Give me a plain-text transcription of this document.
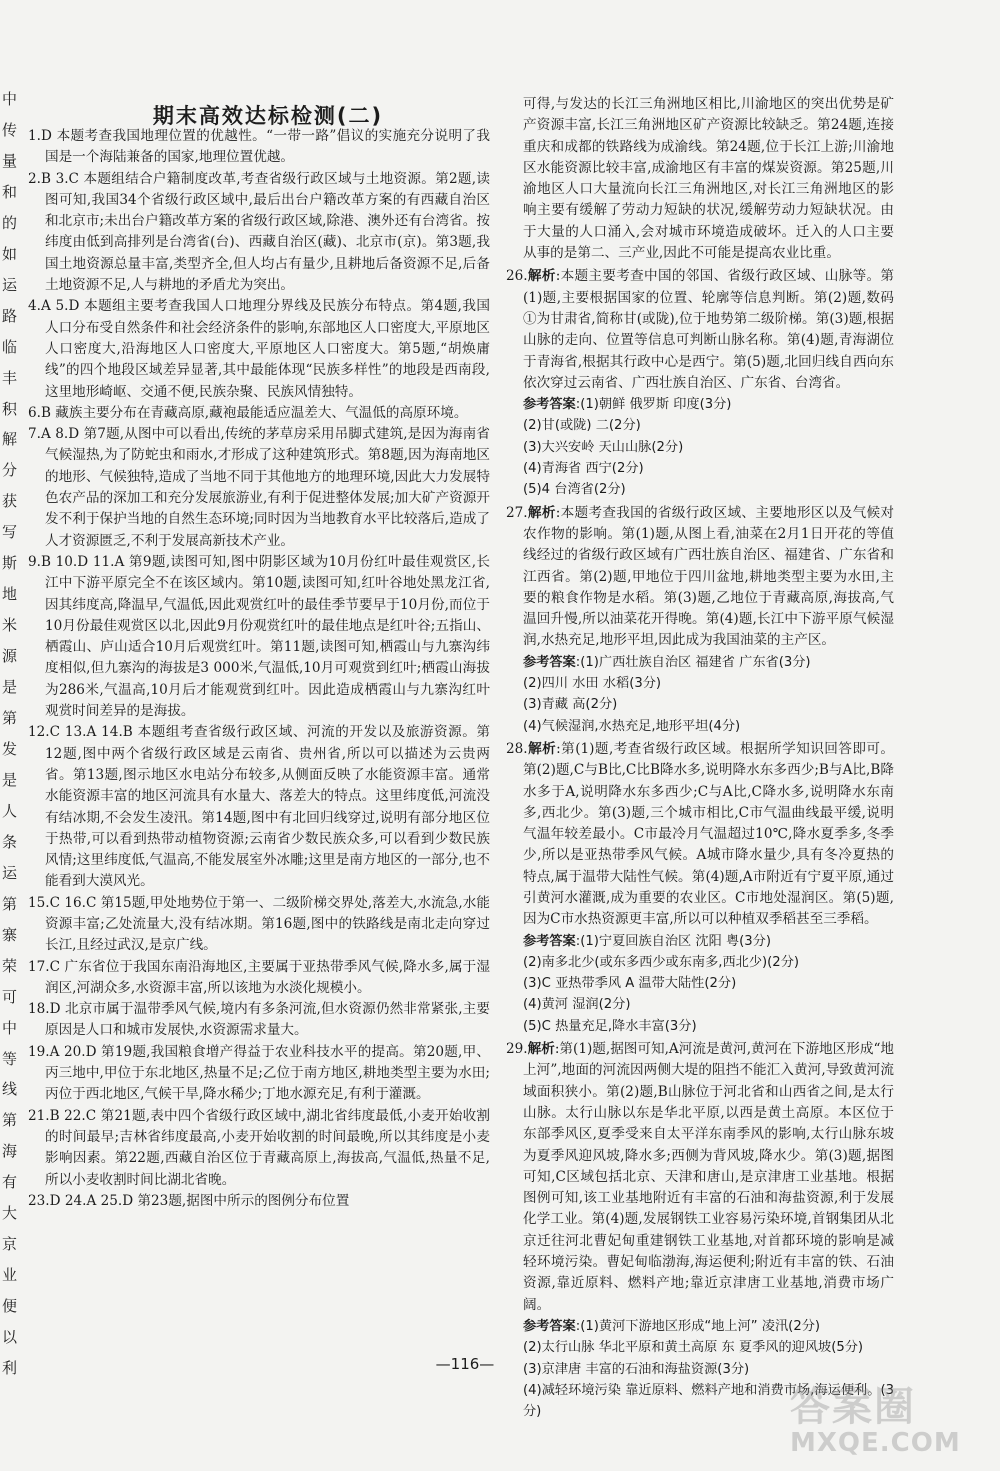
中
传
量
和
的
如
运
路
临
丰
积
解
分
获
写
斯
地
米
源
是
第
发
是
人
条
运
第
寨
荣
可
中
等
线
第
海
有
大
京
业
便
以
利
期末高效达标检测(二)

1.D 本题考查我国地理位置的优越性。“一带一路”倡议的实施充分说明了我国是一个海陆兼备的国家,地理位置优越。

2.B 3.C 本题组结合户籍制度改革,考查省级行政区域与土地资源。第2题,读图可知,我国34个省级行政区域中,最后出台户籍改革方案的有西藏自治区和北京市;未出台户籍改革方案的省级行政区域,除港、澳外还有台湾省。按纬度由低到高排列是台湾省(台)、西藏自治区(藏)、北京市(京)。第3题,我国土地资源总量丰富,类型齐全,但人均占有量少,且耕地后备资源不足,后备土地资源不足,人与耕地的矛盾尤为突出。

4.A 5.D 本题组主要考查我国人口地理分界线及民族分布特点。第4题,我国人口分布受自然条件和社会经济条件的影响,东部地区人口密度大,平原地区人口密度大,沿海地区人口密度大,平原地区人口密度大。第5题,“胡焕庸线”的四个地段区域差异显著,其中最能体现“民族多样性”的地段是西南段,这里地形崎岖、交通不便,民族杂聚、民族风情独特。

6.B 藏族主要分布在青藏高原,藏袍最能适应温差大、气温低的高原环境。

7.A 8.D 第7题,从图中可以看出,传统的茅草房采用吊脚式建筑,是因为海南省气候湿热,为了防蛇虫和雨水,才形成了这种建筑形式。第8题,因为海南地区的地形、气候独特,造成了当地不同于其他地方的地理环境,因此大力发展特色农产品的深加工和充分发展旅游业,有利于促进整体发展;加大矿产资源开发不利于保护当地的自然生态环境;同时因为当地教育水平比较落后,造成了人才资源匮乏,不利于发展高新技术产业。

9.B 10.D 11.A 第9题,读图可知,图中阴影区域为10月份红叶最佳观赏区,长江中下游平原完全不在该区域内。第10题,读图可知,红叶谷地处黑龙江省,因其纬度高,降温早,气温低,因此观赏红叶的最佳季节要早于10月份,而位于10月份最佳观赏区以北,因此9月份观赏红叶的最佳地点是红叶谷;五指山、栖霞山、庐山适合10月后观赏红叶。第11题,读图可知,栖霞山与九寨沟纬度相似,但九寨沟的海拔是3 000米,气温低,10月可观赏到红叶;栖霞山海拔为286米,气温高,10月后才能观赏到红叶。因此造成栖霞山与九寨沟红叶观赏时间差异的是海拔。

12.C 13.A 14.B 本题组考查省级行政区域、河流的开发以及旅游资源。第12题,图中两个省级行政区域是云南省、贵州省,所以可以描述为云贵两省。第13题,图示地区水电站分布较多,从侧面反映了水能资源丰富。通常水能资源丰富的地区河流具有水量大、落差大的特点。这里纬度低,河流没有结冰期,不会发生凌汛。第14题,图中有北回归线穿过,说明有部分地区位于热带,可以看到热带动植物资源;云南省少数民族众多,可以看到少数民族风情;这里纬度低,气温高,不能发展室外冰雕;这里是南方地区的一部分,也不能看到大漠风光。

15.C 16.C 第15题,甲处地势位于第一、二级阶梯交界处,落差大,水流急,水能资源丰富;乙处流量大,没有结冰期。第16题,图中的铁路线是南北走向穿过长江,且经过武汉,是京广线。

17.C 广东省位于我国东南沿海地区,主要属于亚热带季风气候,降水多,属于湿润区,河湖众多,水资源丰富,所以该地为水淡化规模小。

18.D 北京市属于温带季风气候,境内有多条河流,但水资源仍然非常紧张,主要原因是人口和城市发展快,水资源需求量大。

19.A 20.D 第19题,我国粮食增产得益于农业科技水平的提高。第20题,甲、丙三地中,甲位于东北地区,热量不足;乙位于南方地区,耕地类型主要为水田;丙位于西北地区,气候干旱,降水稀少;丁地水源充足,有利于灌溉。

21.B 22.C 第21题,表中四个省级行政区域中,湖北省纬度最低,小麦开始收割的时间最早;吉林省纬度最高,小麦开始收割的时间最晚,所以其纬度是小麦影响因素。第22题,西藏自治区位于青藏高原上,海拔高,气温低,热量不足,所以小麦收割时间比湖北省晚。

23.D 24.A 25.D 第23题,据图中所示的图例分布位置

可得,与发达的长江三角洲地区相比,川渝地区的突出优势是矿产资源丰富,长江三角洲地区矿产资源比较缺乏。第24题,连接重庆和成都的铁路线为成渝线。第24题,位于长江上游;川渝地区水能资源比较丰富,成渝地区有丰富的煤炭资源。第25题,川渝地区人口大量流向长江三角洲地区,对长江三角洲地区的影响主要有缓解了劳动力短缺的状况,缓解劳动力短缺状况。由于大量的人口涌入,会对城市环境造成破坏。迁入的人口主要从事的是第二、三产业,因此不可能是提高农业比重。

26.解析:本题主要考查中国的邻国、省级行政区域、山脉等。第(1)题,主要根据国家的位置、轮廓等信息判断。第(2)题,数码①为甘肃省,简称甘(或陇),位于地势第二级阶梯。第(3)题,根据山脉的走向、位置等信息可判断山脉名称。第(4)题,青海湖位于青海省,根据其行政中心是西宁。第(5)题,北回归线自西向东依次穿过云南省、广西壮族自治区、广东省、台湾省。

参考答案:(1)朝鲜 俄罗斯 印度(3分)

(2)甘(或陇) 二(2分)

(3)大兴安岭 天山山脉(2分)

(4)青海省 西宁(2分)

(5)4 台湾省(2分)

27.解析:本题考查我国的省级行政区域、主要地形区以及气候对农作物的影响。第(1)题,从图上看,油菜在2月1日开花的等值线经过的省级行政区域有广西壮族自治区、福建省、广东省和江西省。第(2)题,甲地位于四川盆地,耕地类型主要为水田,主要的粮食作物是水稻。第(3)题,乙地位于青藏高原,海拔高,气温回升慢,所以油菜花开得晚。第(4)题,长江中下游平原气候湿润,水热充足,地形平坦,因此成为我国油菜的主产区。

参考答案:(1)广西壮族自治区 福建省 广东省(3分)

(2)四川 水田 水稻(3分)

(3)青藏 高(2分)

(4)气候湿润,水热充足,地形平坦(4分)

28.解析:第(1)题,考查省级行政区域。根据所学知识回答即可。第(2)题,C与B比,C比B降水多,说明降水东多西少;B与A比,B降水多于A,说明降水东多西少;C与A比,C降水多,说明降水东南多,西北少。第(3)题,三个城市相比,C市气温曲线最平缓,说明气温年较差最小。C市最冷月气温超过10℃,降水夏季多,冬季少,所以是亚热带季风气候。A城市降水量少,具有冬冷夏热的特点,属于温带大陆性气候。第(4)题,A市附近有宁夏平原,通过引黄河水灌溉,成为重要的农业区。C市地处湿润区。第(5)题,因为C市水热资源更丰富,所以可以种植双季稻甚至三季稻。

参考答案:(1)宁夏回族自治区 沈阳 粤(3分)

(2)南多北少(或东多西少或东南多,西北少)(2分)

(3)C 亚热带季风 A 温带大陆性(2分)

(4)黄河 湿润(2分)

(5)C 热量充足,降水丰富(3分)

29.解析:第(1)题,据图可知,A河流是黄河,黄河在下游地区形成“地上河”,地面的河流因两侧大堤的阻挡不能汇入黄河,导致黄河流域面积狭小。第(2)题,B山脉位于河北省和山西省之间,是太行山脉。太行山脉以东是华北平原,以西是黄土高原。本区位于东部季风区,夏季受来自太平洋东南季风的影响,太行山脉东坡为夏季风迎风坡,降水多;西侧为背风坡,降水少。第(3)题,据图可知,C区域包括北京、天津和唐山,是京津唐工业基地。根据图例可知,该工业基地附近有丰富的石油和海盐资源,利于发展化学工业。第(4)题,发展钢铁工业容易污染环境,首钢集团从北京迁往河北曹妃甸重建钢铁工业基地,对首都环境的影响是减轻环境污染。曹妃甸临渤海,海运便利;附近有丰富的铁、石油资源,靠近原料、燃料产地;靠近京津唐工业基地,消费市场广阔。

参考答案:(1)黄河下游地区形成“地上河” 凌汛(2分)

(2)太行山脉 华北平原和黄土高原 东 夏季风的迎风坡(5分)

(3)京津唐 丰富的石油和海盐资源(3分)

(4)减轻环境污染 靠近原料、燃料产地和消费市场,海运便利。(3分)

—116—
答案圈
MXQE.COM
